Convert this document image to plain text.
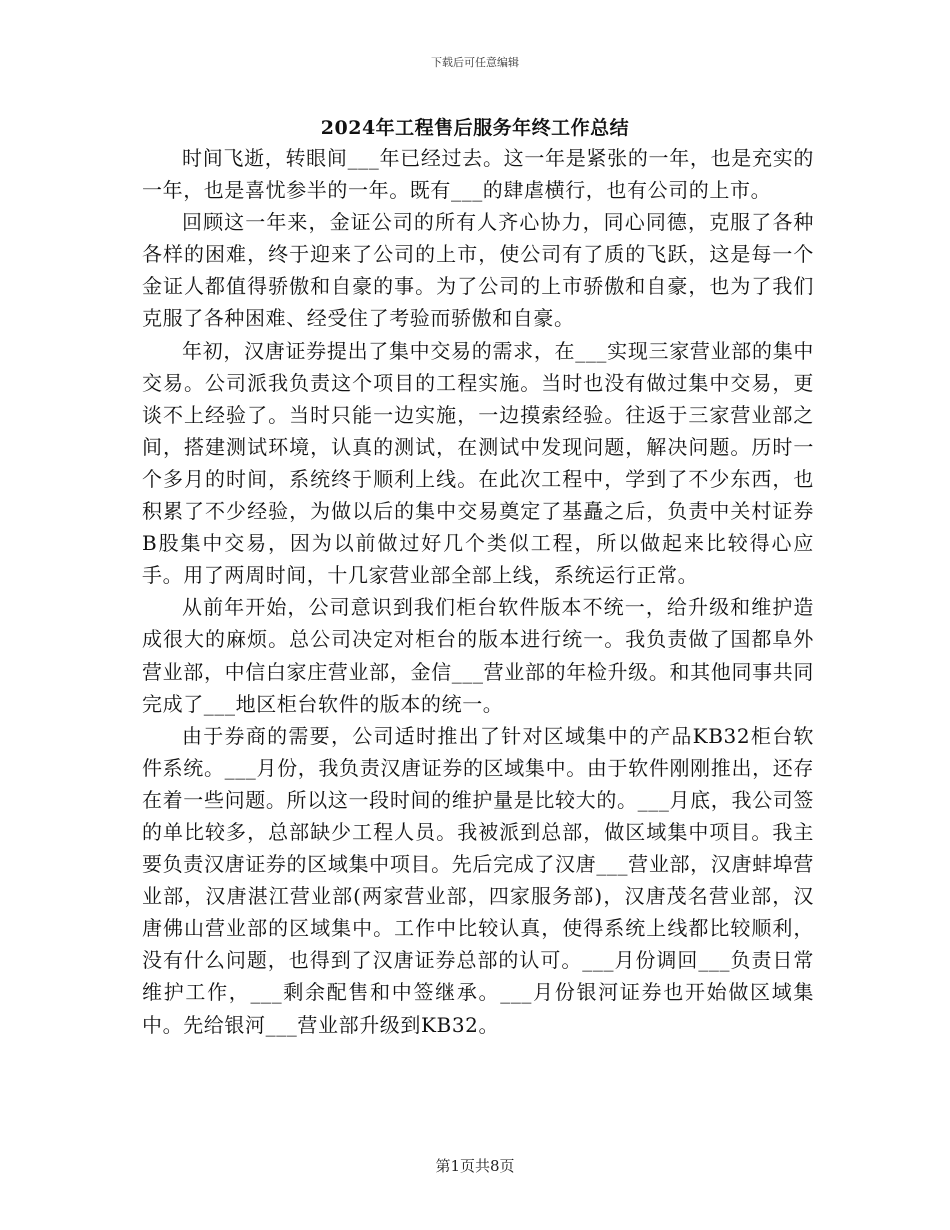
下载后可任意编辑
2024年工程售后服务年终工作总结

时间飞逝，转眼间___年已经过去。这一年是紧张的一年，也是充实的一年，也是喜忧参半的一年。既有___的肆虐横行，也有公司的上市。

回顾这一年来，金证公司的所有人齐心协力，同心同德，克服了各种各样的困难，终于迎来了公司的上市，使公司有了质的飞跃，这是每一个金证人都值得骄傲和自豪的事。为了公司的上市骄傲和自豪，也为了我们克服了各种困难、经受住了考验而骄傲和自豪。

年初，汉唐证券提出了集中交易的需求，在___实现三家营业部的集中交易。公司派我负责这个项目的工程实施。当时也没有做过集中交易，更谈不上经验了。当时只能一边实施，一边摸索经验。往返于三家营业部之间，搭建测试环境，认真的测试，在测试中发现问题，解决问题。历时一个多月的时间，系统终于顺利上线。在此次工程中，学到了不少东西，也积累了不少经验，为做以后的集中交易奠定了基矗之后，负责中关村证券B股集中交易，因为以前做过好几个类似工程，所以做起来比较得心应手。用了两周时间，十几家营业部全部上线，系统运行正常。

从前年开始，公司意识到我们柜台软件版本不统一，给升级和维护造成很大的麻烦。总公司决定对柜台的版本进行统一。我负责做了国都阜外营业部，中信白家庄营业部，金信___营业部的年检升级。和其他同事共同完成了___地区柜台软件的版本的统一。

由于券商的需要，公司适时推出了针对区域集中的产品KB32柜台软件系统。___月份，我负责汉唐证券的区域集中。由于软件刚刚推出，还存在着一些问题。所以这一段时间的维护量是比较大的。___月底，我公司签的单比较多，总部缺少工程人员。我被派到总部，做区域集中项目。我主要负责汉唐证券的区域集中项目。先后完成了汉唐___营业部，汉唐蚌埠营业部，汉唐湛江营业部(两家营业部，四家服务部)，汉唐茂名营业部，汉唐佛山营业部的区域集中。工作中比较认真，使得系统上线都比较顺利，没有什么问题，也得到了汉唐证券总部的认可。___月份调回___负责日常维护工作，___剩余配售和中签继承。___月份银河证券也开始做区域集中。先给银河___营业部升级到KB32。

第1页共8页
